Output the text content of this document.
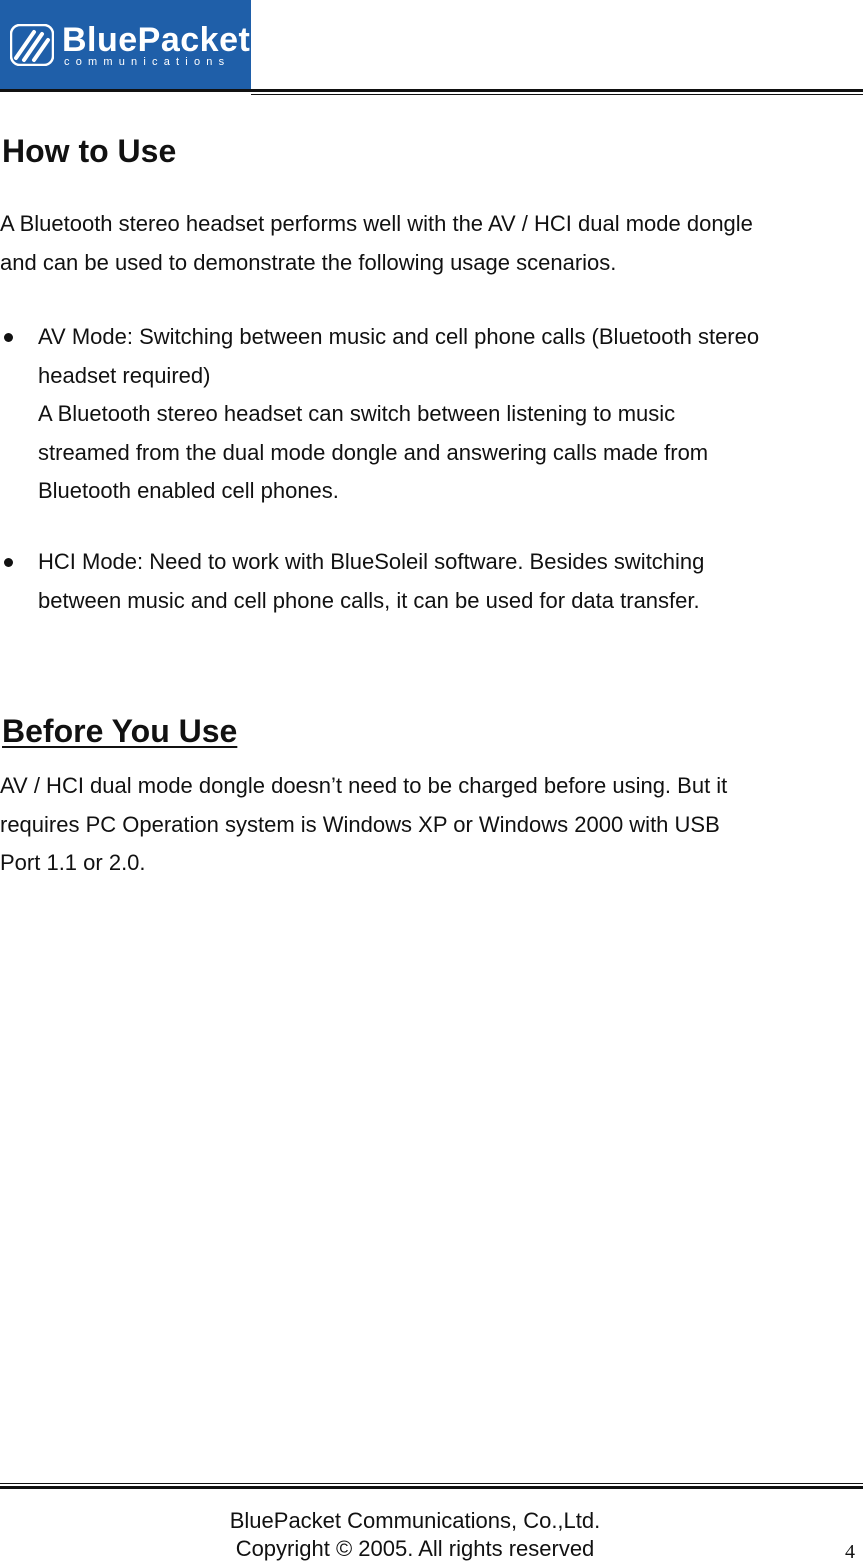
BluePacket
communications
How to Use

A Bluetooth stereo headset performs well with the AV / HCI dual mode dongle
and can be used to demonstrate the following usage scenarios.

AV Mode: Switching between music and cell phone calls (Bluetooth stereo
headset required)
A Bluetooth stereo headset can switch between listening to music
streamed from the dual mode dongle and answering calls made from
Bluetooth enabled cell phones.
HCI Mode: Need to work with BlueSoleil software. Besides switching
between music and cell phone calls, it can be used for data transfer.
Before You Use

AV / HCI dual mode dongle doesn’t need to be charged before using. But it
requires PC Operation system is Windows XP or Windows 2000 with USB
Port 1.1 or 2.0.

BluePacket Communications, Co.,Ltd.
Copyright © 2005. All rights reserved	4
